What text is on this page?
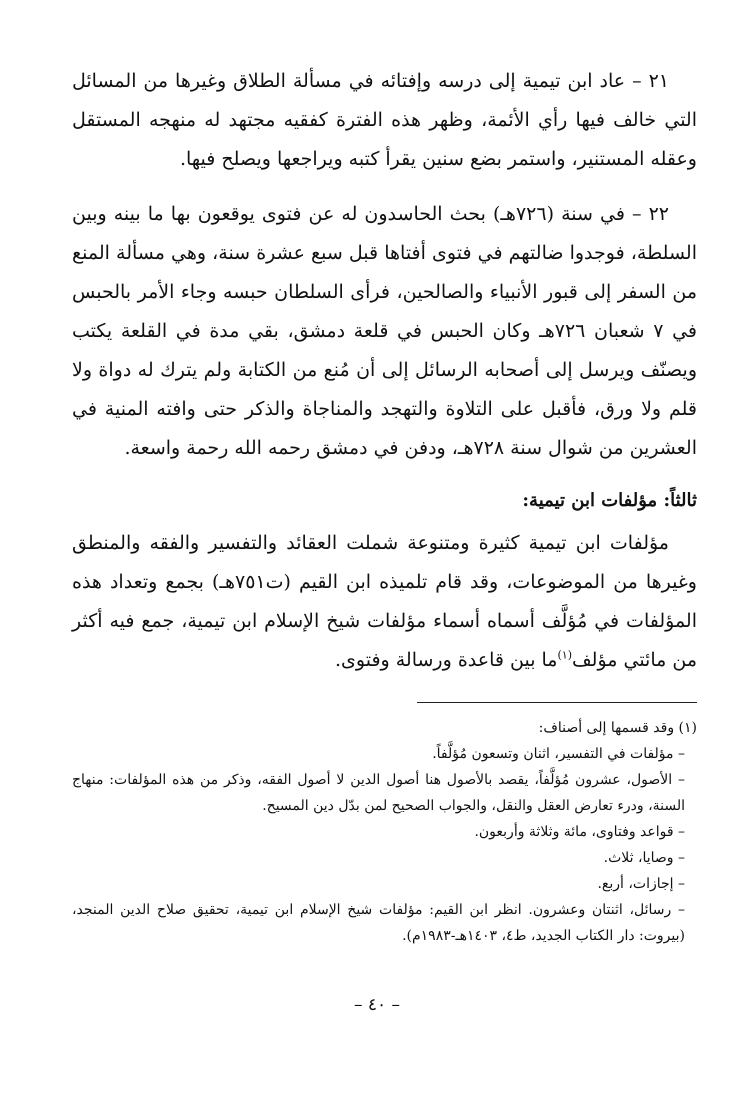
٢١ – عاد ابن تيمية إلى درسه وإفتائه في مسألة الطلاق وغيرها من المسائل التي خالف فيها رأي الأئمة، وظهر هذه الفترة كفقيه مجتهد له منهجه المستقل وعقله المستنير، واستمر بضع سنين يقرأ كتبه ويراجعها ويصلح فيها.

٢٢ – في سنة (٧٢٦هـ) بحث الحاسدون له عن فتوى يوقعون بها ما بينه وبين السلطة، فوجدوا ضالتهم في فتوى أفتاها قبل سبع عشرة سنة، وهي مسألة المنع من السفر إلى قبور الأنبياء والصالحين، فرأى السلطان حبسه وجاء الأمر بالحبس في ٧ شعبان ٧٢٦هـ وكان الحبس في قلعة دمشق، بقي مدة في القلعة يكتب ويصنّف ويرسل إلى أصحابه الرسائل إلى أن مُنع من الكتابة ولم يترك له دواة ولا قلم ولا ورق، فأقبل على التلاوة والتهجد والمناجاة والذكر حتى وافته المنية في العشرين من شوال سنة ٧٢٨هـ، ودفن في دمشق رحمه الله رحمة واسعة.

ثالثاً: مؤلفات ابن تيمية:

مؤلفات ابن تيمية كثيرة ومتنوعة شملت العقائد والتفسير والفقه والمنطق وغيرها من الموضوعات، وقد قام تلميذه ابن القيم (ت٧٥١هـ) بجمع وتعداد هذه المؤلفات في مُؤلَّف أسماه أسماء مؤلفات شيخ الإسلام ابن تيمية، جمع فيه أكثر من مائتي مؤلف$^{(١)}$ما بين قاعدة ورسالة وفتوى.

(١) وقد قسمها إلى أصناف:
– مؤلفات في التفسير، اثنان وتسعون مُؤلَّفاً.
– الأصول، عشرون مُؤلَّفاً، يقصد بالأصول هنا أصول الدين لا أصول الفقه، وذكر من هذه المؤلفات: منهاج السنة، ودرء تعارض العقل والنقل، والجواب الصحيح لمن بدّل دين المسيح.
– قواعد وفتاوى، مائة وثلاثة وأربعون.
– وصايا، ثلاث.
– إجازات، أربع.
– رسائل، اثنتان وعشرون. انظر ابن القيم: مؤلفات شيخ الإسلام ابن تيمية، تحقيق صلاح الدين المنجد، (بيروت: دار الكتاب الجديد، ط٤، ١٤٠٣هـ-١٩٨٣م).
– ٤٠ –
